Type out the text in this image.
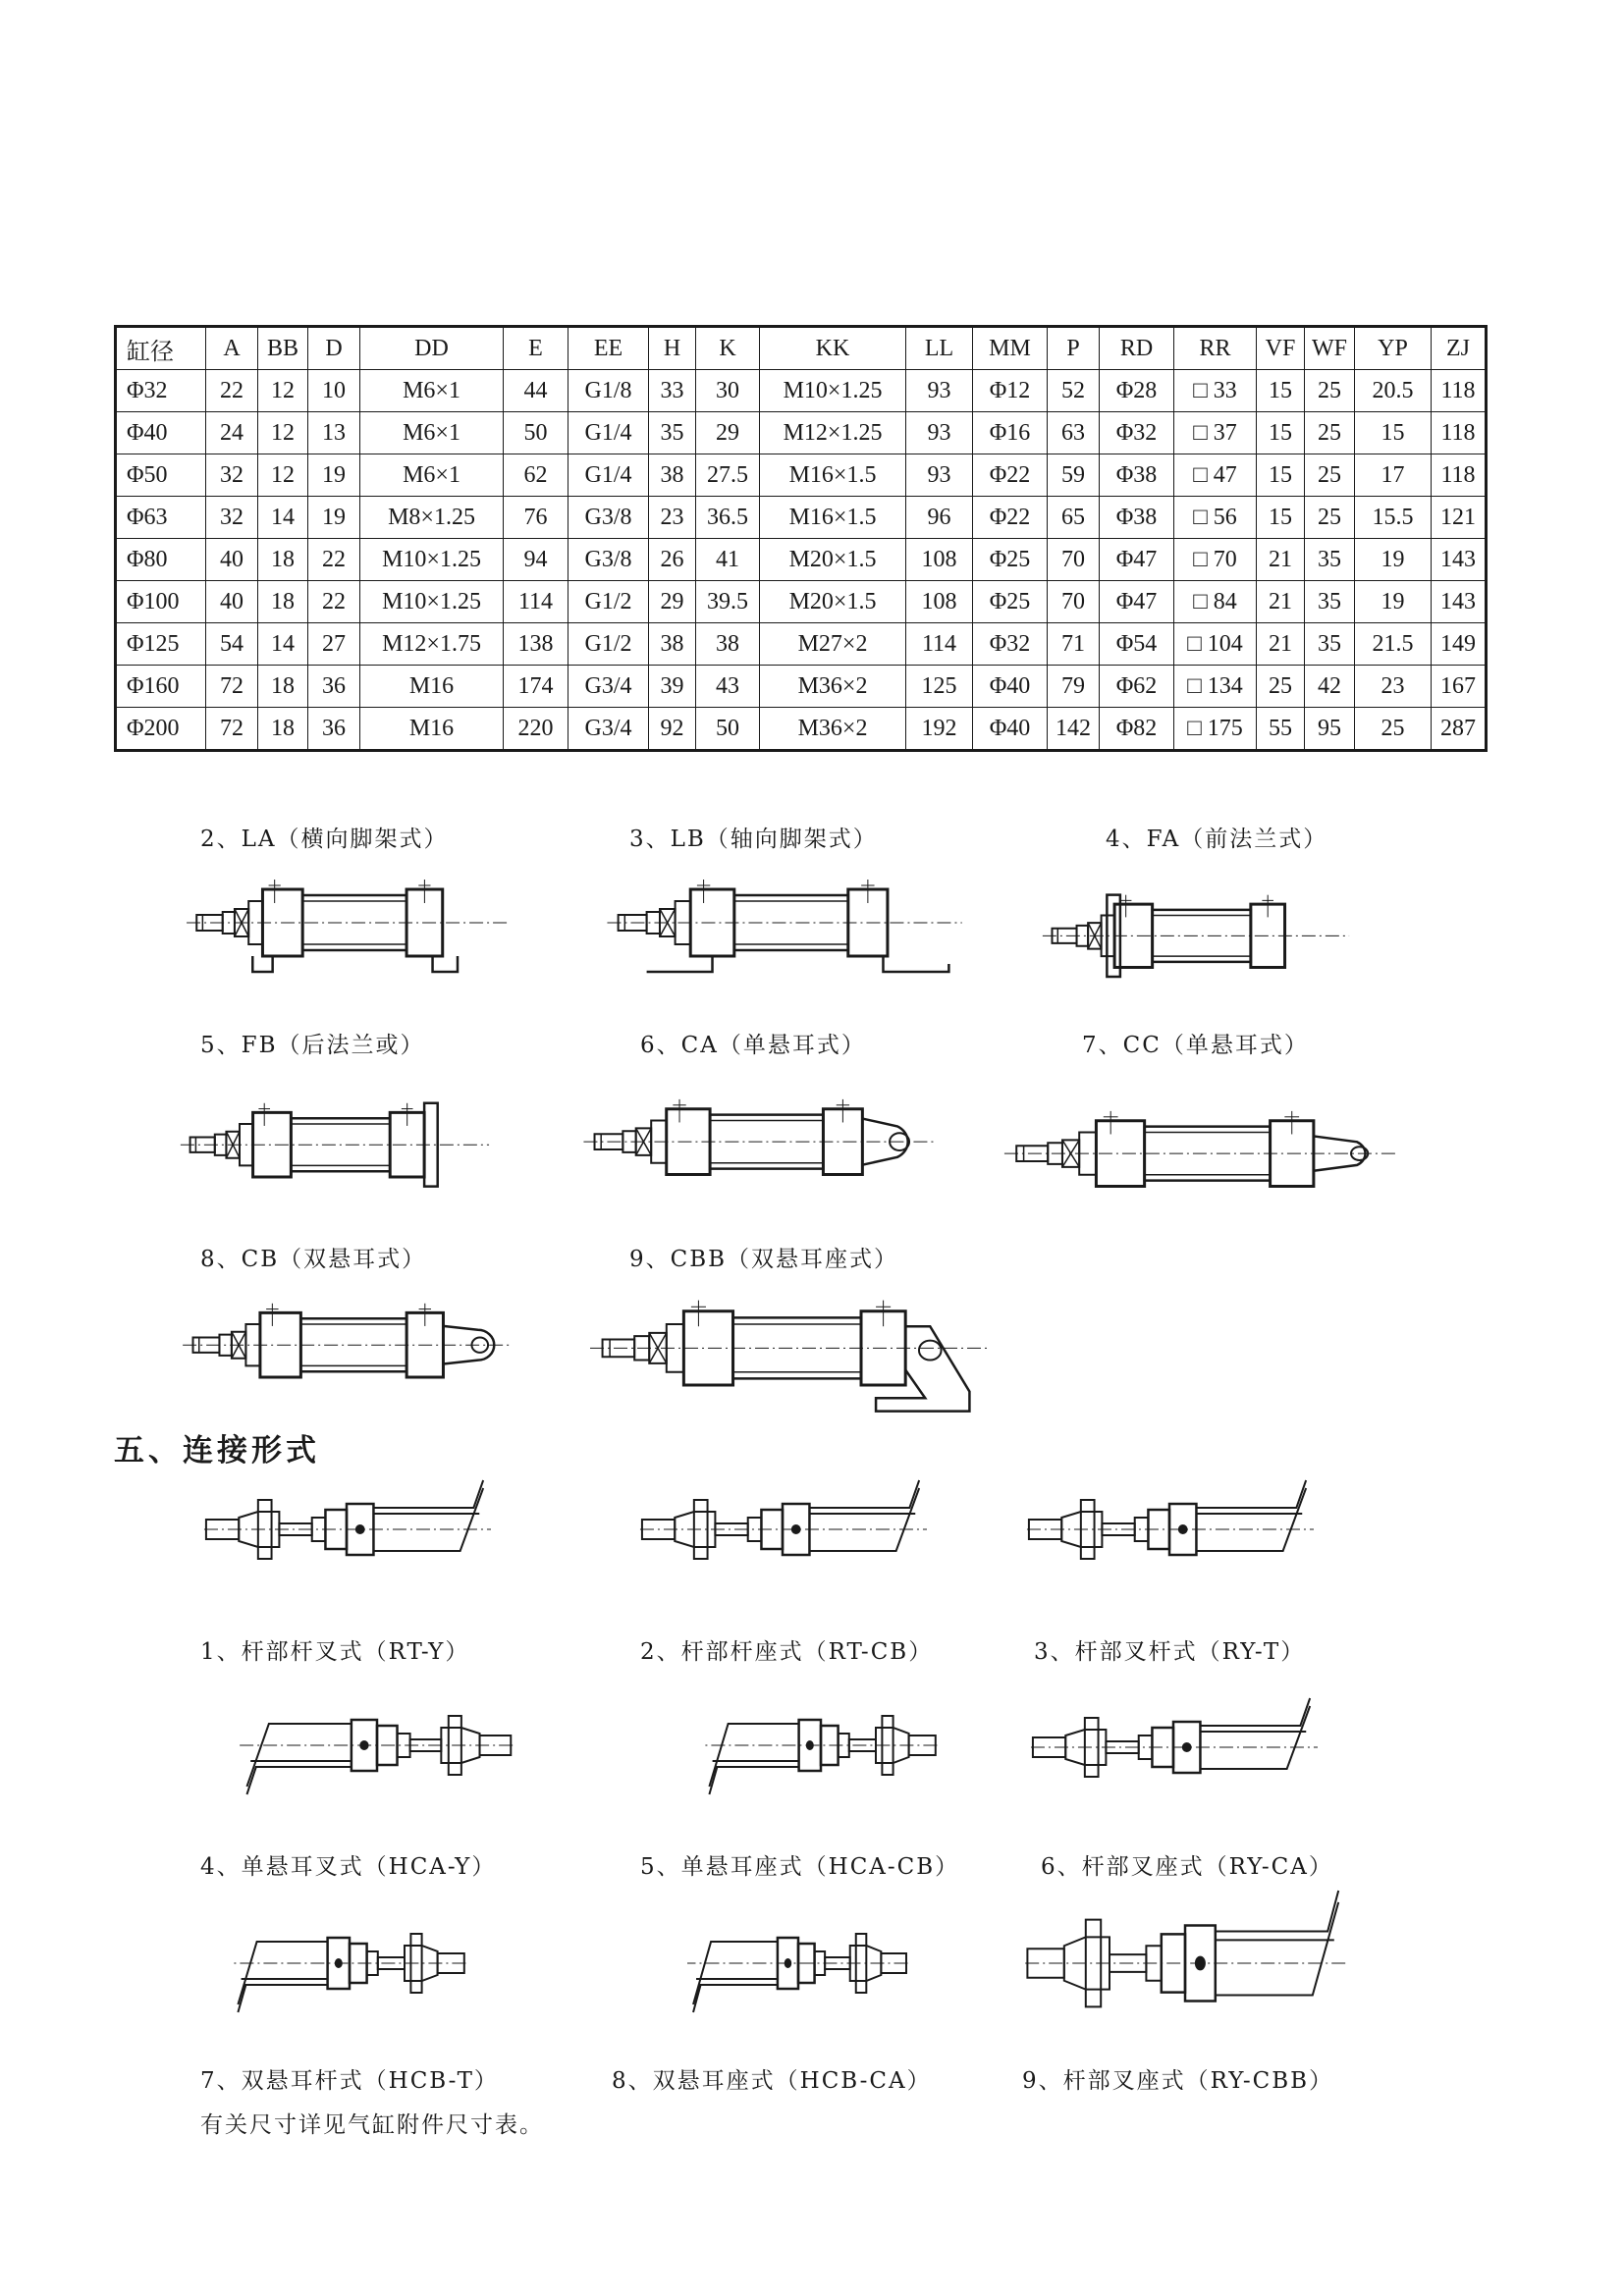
缸径	A	BB	D	DD	E	EE	H	K	KK	LL	MM	P	RD	RR	VF	WF	YP	ZJ
Φ32	22	12	10	M6×1	44	G1/8	33	30	M10×1.25	93	Φ12	52	Φ28	□ 33	15	25	20.5	118
Φ40	24	12	13	M6×1	50	G1/4	35	29	M12×1.25	93	Φ16	63	Φ32	□ 37	15	25	15	118
Φ50	32	12	19	M6×1	62	G1/4	38	27.5	M16×1.5	93	Φ22	59	Φ38	□ 47	15	25	17	118
Φ63	32	14	19	M8×1.25	76	G3/8	23	36.5	M16×1.5	96	Φ22	65	Φ38	□ 56	15	25	15.5	121
Φ80	40	18	22	M10×1.25	94	G3/8	26	41	M20×1.5	108	Φ25	70	Φ47	□ 70	21	35	19	143
Φ100	40	18	22	M10×1.25	114	G1/2	29	39.5	M20×1.5	108	Φ25	70	Φ47	□ 84	21	35	19	143
Φ125	54	14	27	M12×1.75	138	G1/2	38	38	M27×2	114	Φ32	71	Φ54	□ 104	21	35	21.5	149
Φ160	72	18	36	M16	174	G3/4	39	43	M36×2	125	Φ40	79	Φ62	□ 134	25	42	23	167
Φ200	72	18	36	M16	220	G3/4	92	50	M36×2	192	Φ40	142	Φ82	□ 175	55	95	25	287
2、LA（横向脚架式）	3、LB（轴向脚架式）	4、FA（前法兰式）
5、FB（后法兰或）	6、CA（单悬耳式）	7、CC（单悬耳式）
8、CB（双悬耳式）	9、CBB（双悬耳座式）
五、连接形式
1、杆部杆叉式（RT-Y）	2、杆部杆座式（RT-CB）	3、杆部叉杆式（RY-T）
4、单悬耳叉式（HCA-Y）	5、单悬耳座式（HCA-CB）	6、杆部叉座式（RY-CA）
7、双悬耳杆式（HCB-T）	8、双悬耳座式（HCB-CA）	9、杆部叉座式（RY-CBB）
有关尺寸详见气缸附件尺寸表。
